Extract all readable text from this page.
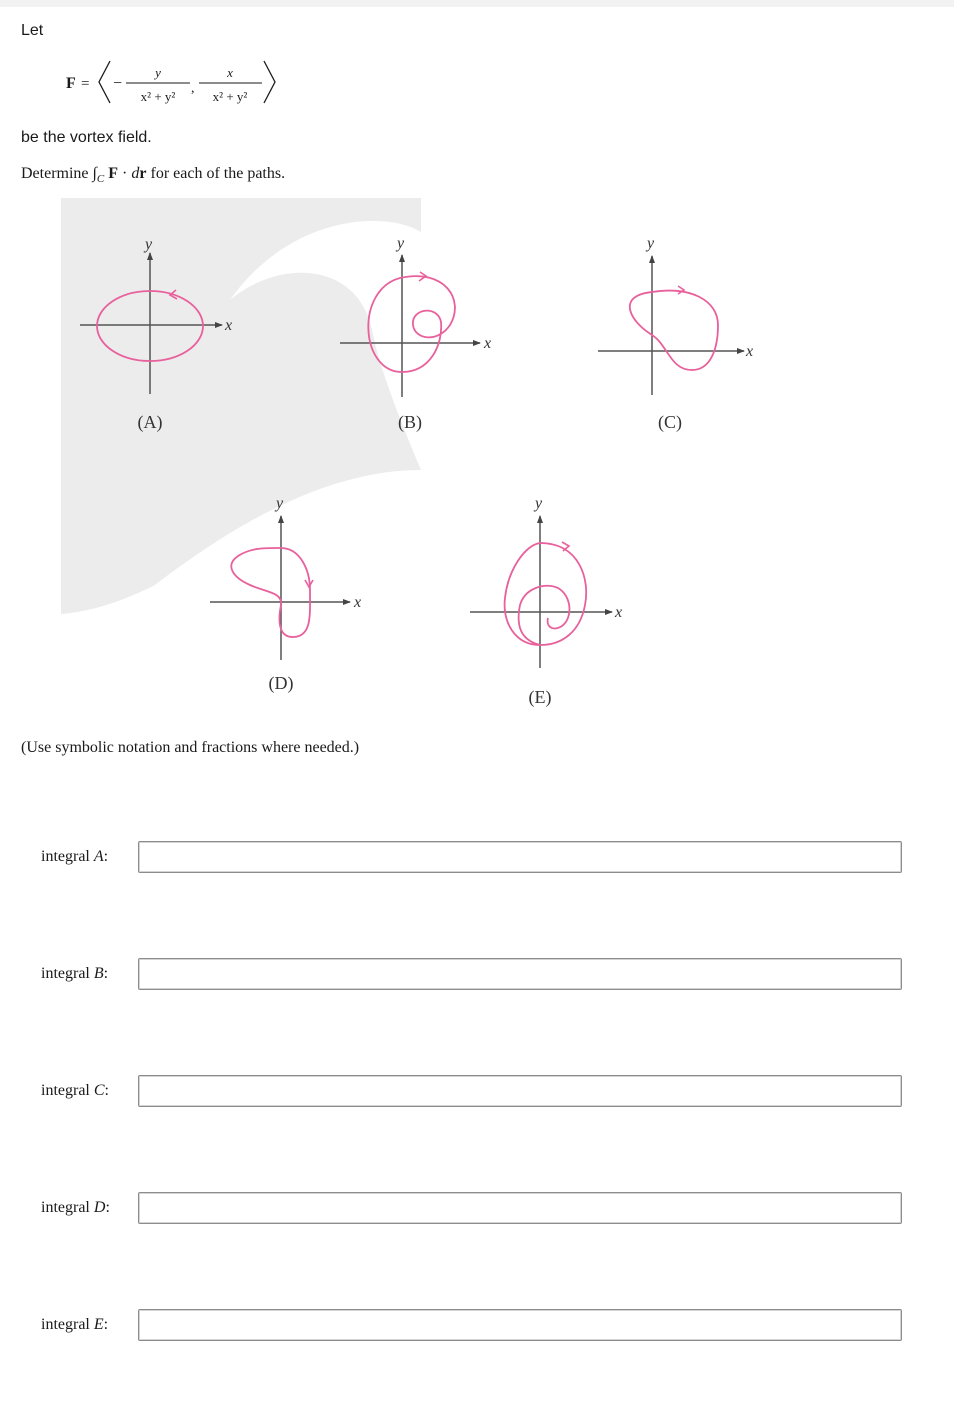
Let
F = −
y
x² + y²
,
x
x² + y²
be the vortex field.
Determine $\int_C$ F · dr for each of the paths.
x
y
(A)
x
y
(B)
x
y
(C)
x
y
(D)
x
y
(E)
(Use symbolic notation and fractions where needed.)
integral A:
integral B:
integral C:
integral D:
integral E:
